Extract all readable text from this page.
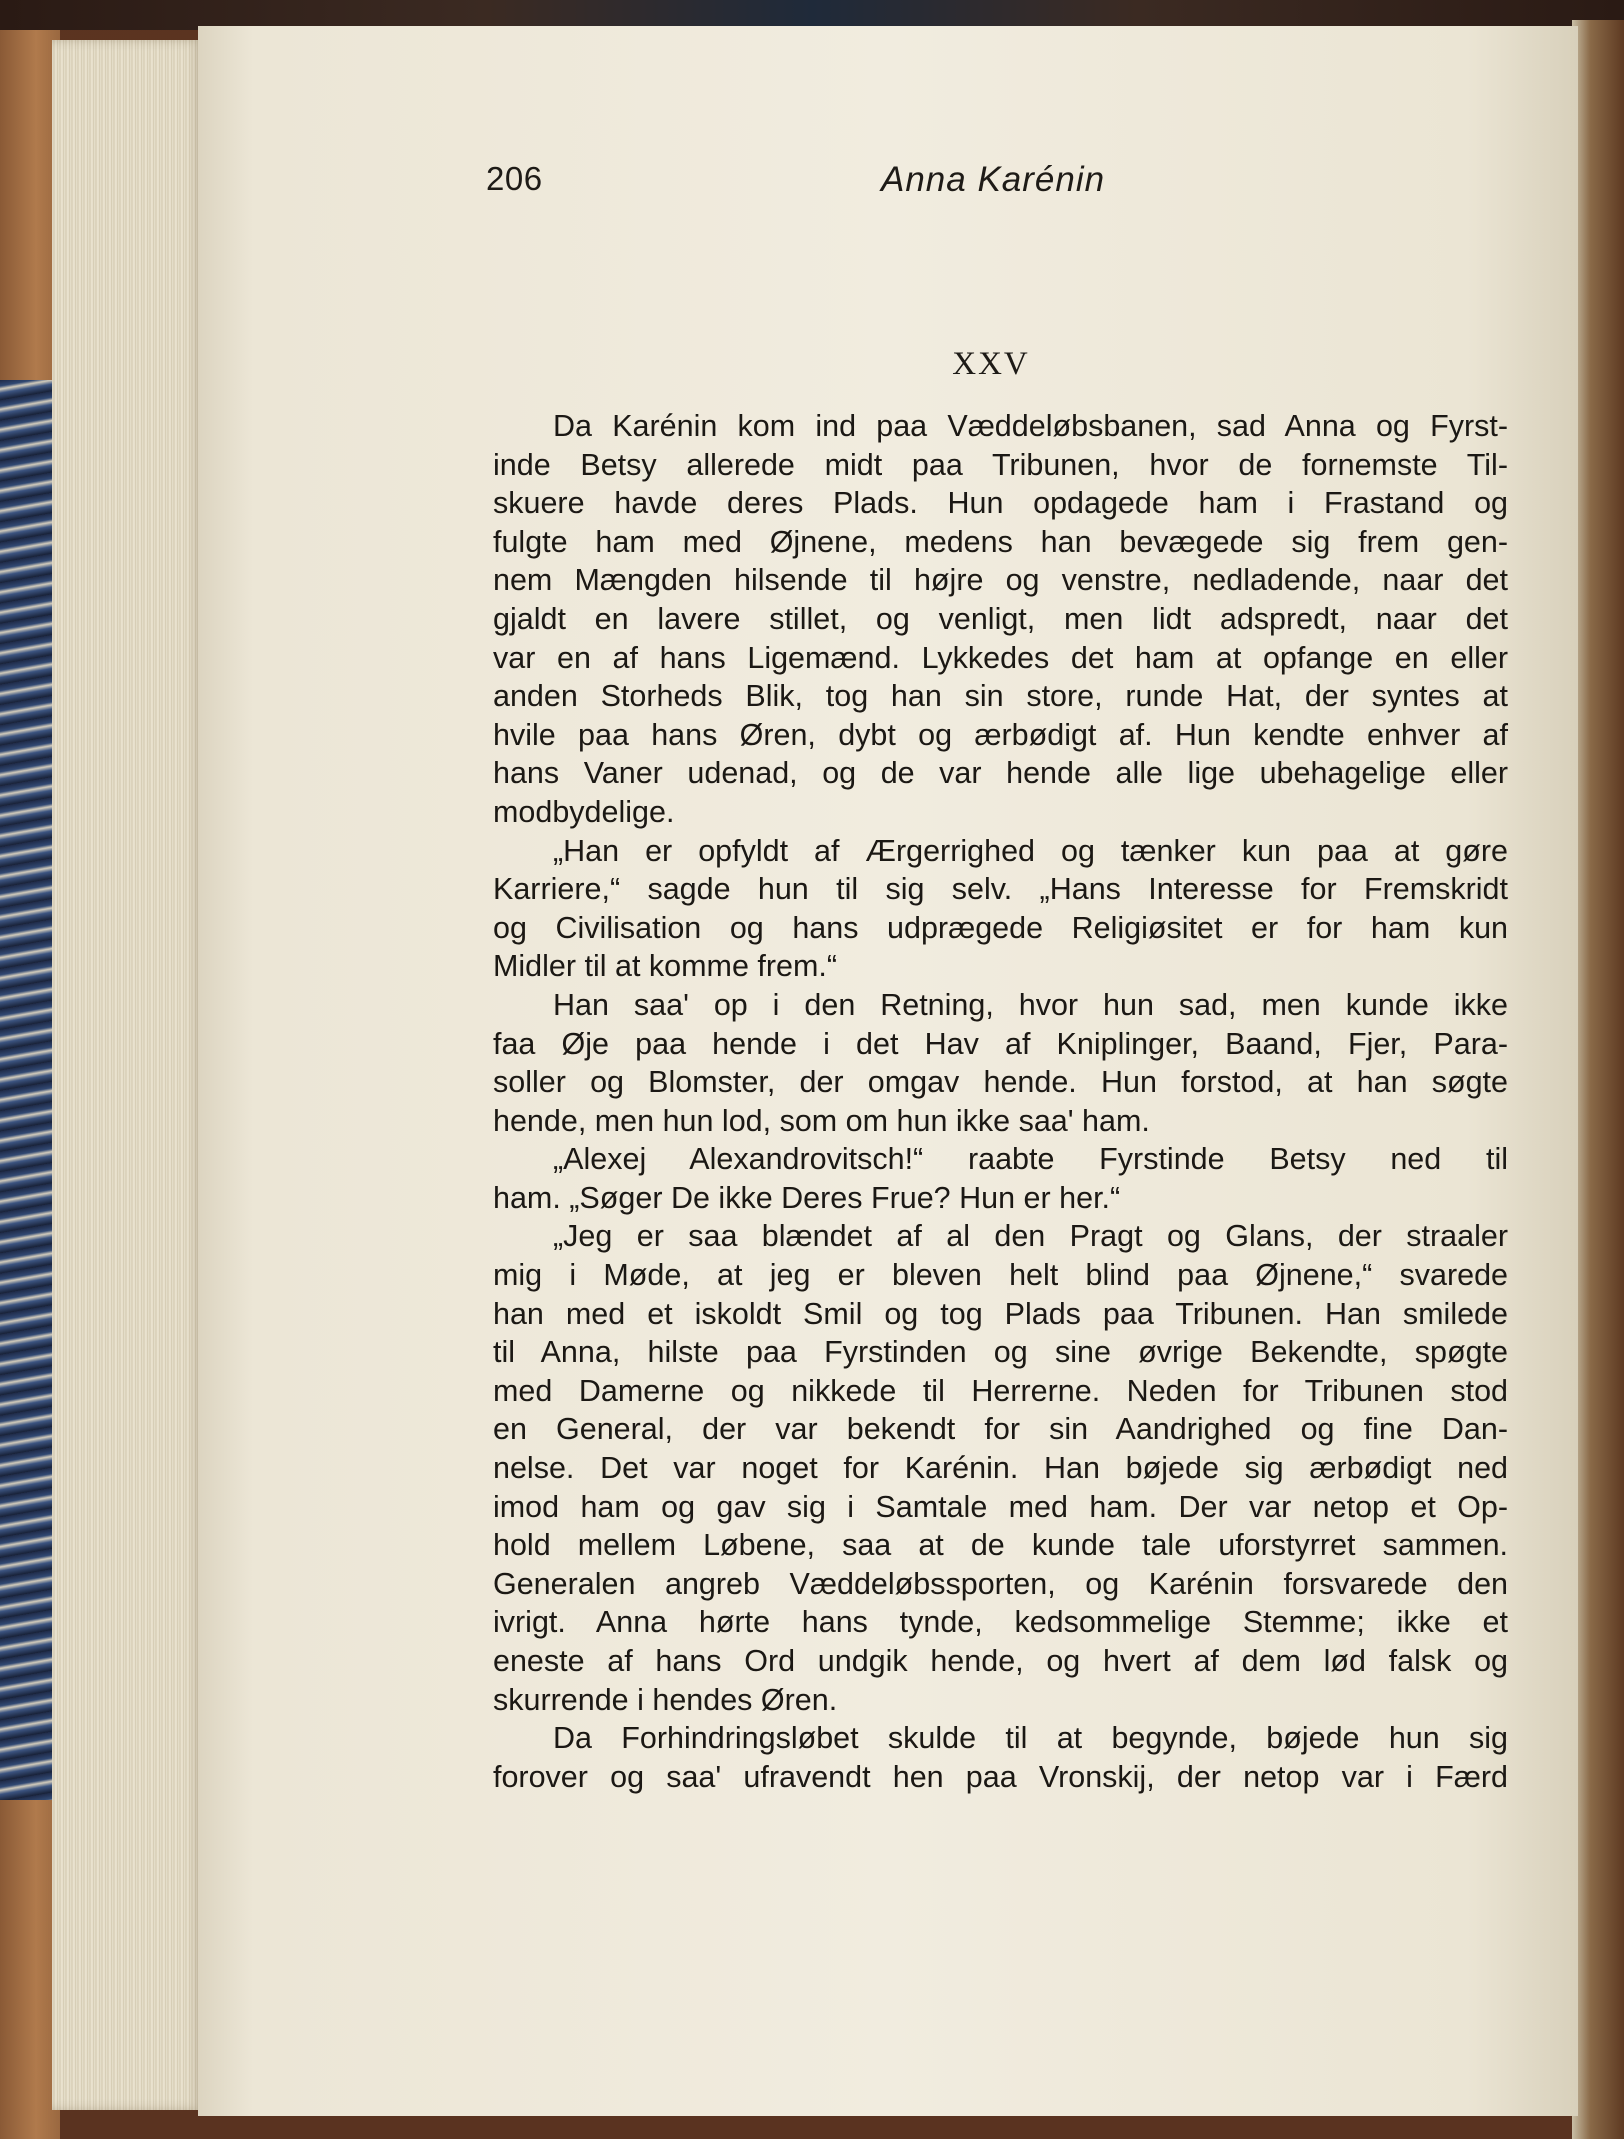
206	Anna Karénin
XXV
Da Karénin kom ind paa Væddeløbsbanen, sad Anna og Fyrst-
inde Betsy allerede midt paa Tribunen, hvor de fornemste Til-
skuere havde deres Plads. Hun opdagede ham i Frastand og
fulgte ham med Øjnene, medens han bevægede sig frem gen-
nem Mængden hilsende til højre og venstre, nedladende, naar det
gjaldt en lavere stillet, og venligt, men lidt adspredt, naar det
var en af hans Ligemænd. Lykkedes det ham at opfange en eller
anden Storheds Blik, tog han sin store, runde Hat, der syntes at
hvile paa hans Øren, dybt og ærbødigt af. Hun kendte enhver af
hans Vaner udenad, og de var hende alle lige ubehagelige eller
modbydelige.
„Han er opfyldt af Ærgerrighed og tænker kun paa at gøre
Karriere,“ sagde hun til sig selv. „Hans Interesse for Fremskridt
og Civilisation og hans udprægede Religiøsitet er for ham kun
Midler til at komme frem.“
Han saa' op i den Retning, hvor hun sad, men kunde ikke
faa Øje paa hende i det Hav af Kniplinger, Baand, Fjer, Para-
soller og Blomster, der omgav hende. Hun forstod, at han søgte
hende, men hun lod, som om hun ikke saa' ham.
„Alexej Alexandrovitsch!“ raabte Fyrstinde Betsy ned til
ham. „Søger De ikke Deres Frue? Hun er her.“
„Jeg er saa blændet af al den Pragt og Glans, der straaler
mig i Møde, at jeg er bleven helt blind paa Øjnene,“ svarede
han med et iskoldt Smil og tog Plads paa Tribunen. Han smilede
til Anna, hilste paa Fyrstinden og sine øvrige Bekendte, spøgte
med Damerne og nikkede til Herrerne. Neden for Tribunen stod
en General, der var bekendt for sin Aandrighed og fine Dan-
nelse. Det var noget for Karénin. Han bøjede sig ærbødigt ned
imod ham og gav sig i Samtale med ham. Der var netop et Op-
hold mellem Løbene, saa at de kunde tale uforstyrret sammen.
Generalen angreb Væddeløbssporten, og Karénin forsvarede den
ivrigt. Anna hørte hans tynde, kedsommelige Stemme; ikke et
eneste af hans Ord undgik hende, og hvert af dem lød falsk og
skurrende i hendes Øren.
Da Forhindringsløbet skulde til at begynde, bøjede hun sig
forover og saa' ufravendt hen paa Vronskij, der netop var i Færd
